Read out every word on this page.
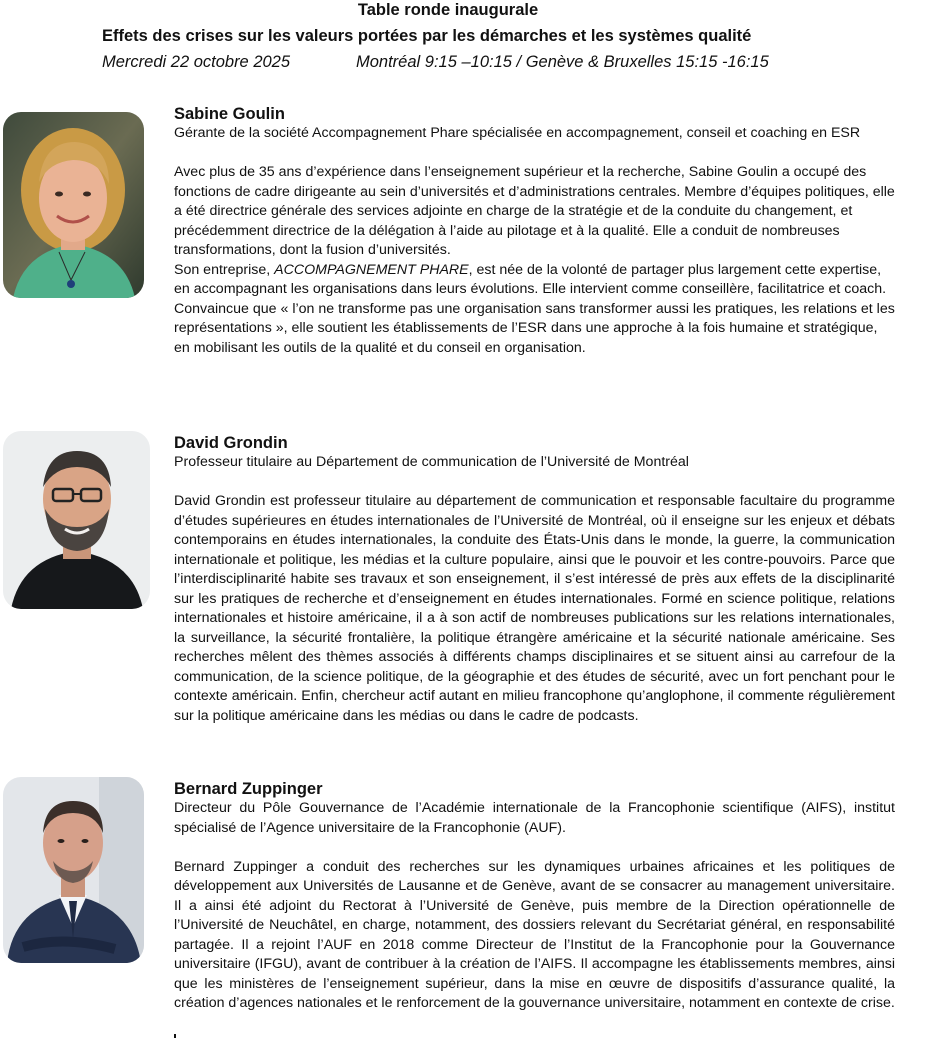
Table ronde inaugurale
Effets des crises sur les valeurs portées par les démarches et les systèmes qualité
Mercredi 22 octobre 2025	Montréal 9:15 –10:15 / Genève & Bruxelles 15:15 -16:15

Sabine Goulin

Gérante de la société Accompagnement Phare spécialisée en accompagnement, conseil et coaching en ESR

Avec plus de 35 ans d’expérience dans l’enseignement supérieur et la recherche, Sabine Goulin a occupé des fonctions de cadre dirigeante au sein d’universités et d’administrations centrales. Membre d’équipes politiques, elle a été directrice générale des services adjointe en charge de la stratégie et de la conduite du changement, et précédemment directrice de la délégation à l’aide au pilotage et à la qualité. Elle a conduit de nombreuses transformations, dont la fusion d’universités.

Son entreprise, ACCOMPAGNEMENT PHARE, est née de la volonté de partager plus largement cette expertise, en accompagnant les organisations dans leurs évolutions. Elle intervient comme conseillère, facilitatrice et coach. Convaincue que « l’on ne transforme pas une organisation sans transformer aussi les pratiques, les relations et les représentations », elle soutient les établissements de l’ESR dans une approche à la fois humaine et stratégique, en mobilisant les outils de la qualité et du conseil en organisation.

David Grondin

Professeur titulaire au Département de communication de l’Université de Montréal

David Grondin est professeur titulaire au département de communication et responsable facultaire du programme d’études supérieures en études internationales de l’Université de Montréal, où il enseigne sur les enjeux et débats contemporains en études internationales, la conduite des États-Unis dans le monde, la guerre, la communication internationale et politique, les médias et la culture populaire, ainsi que le pouvoir et les contre-pouvoirs. Parce que l’interdisciplinarité habite ses travaux et son enseignement, il s’est intéressé de près aux effets de la disciplinarité sur les pratiques de recherche et d’enseignement en études internationales. Formé en science politique, relations internationales et histoire américaine, il a à son actif de nombreuses publications sur les relations internationales, la surveillance, la sécurité frontalière, la politique étrangère américaine et la sécurité nationale américaine. Ses recherches mêlent des thèmes associés à différents champs disciplinaires et se situent ainsi au carrefour de la communication, de la science politique, de la géographie et des études de sécurité, avec un fort penchant pour le contexte américain. Enfin, chercheur actif autant en milieu francophone qu’anglophone, il commente régulièrement sur la politique américaine dans les médias ou dans le cadre de podcasts.

Bernard Zuppinger

Directeur du Pôle Gouvernance de l’Académie internationale de la Francophonie scientifique (AIFS), institut spécialisé de l’Agence universitaire de la Francophonie (AUF).

Bernard Zuppinger a conduit des recherches sur les dynamiques urbaines africaines et les politiques de développement aux Universités de Lausanne et de Genève, avant de se consacrer au management universitaire. Il a ainsi été adjoint du Rectorat à l’Université de Genève, puis membre de la Direction opérationnelle de l’Université de Neuchâtel, en charge, notamment, des dossiers relevant du Secrétariat général, en responsabilité partagée. Il a rejoint l’AUF en 2018 comme Directeur de l’Institut de la Francophonie pour la Gouvernance universitaire (IFGU), avant de contribuer à la création de l’AIFS. Il accompagne les établissements membres, ainsi que les ministères de l’enseignement supérieur, dans la mise en œuvre de dispositifs d’assurance qualité, la création d’agences nationales et le renforcement de la gouvernance universitaire, notamment en contexte de crise.
